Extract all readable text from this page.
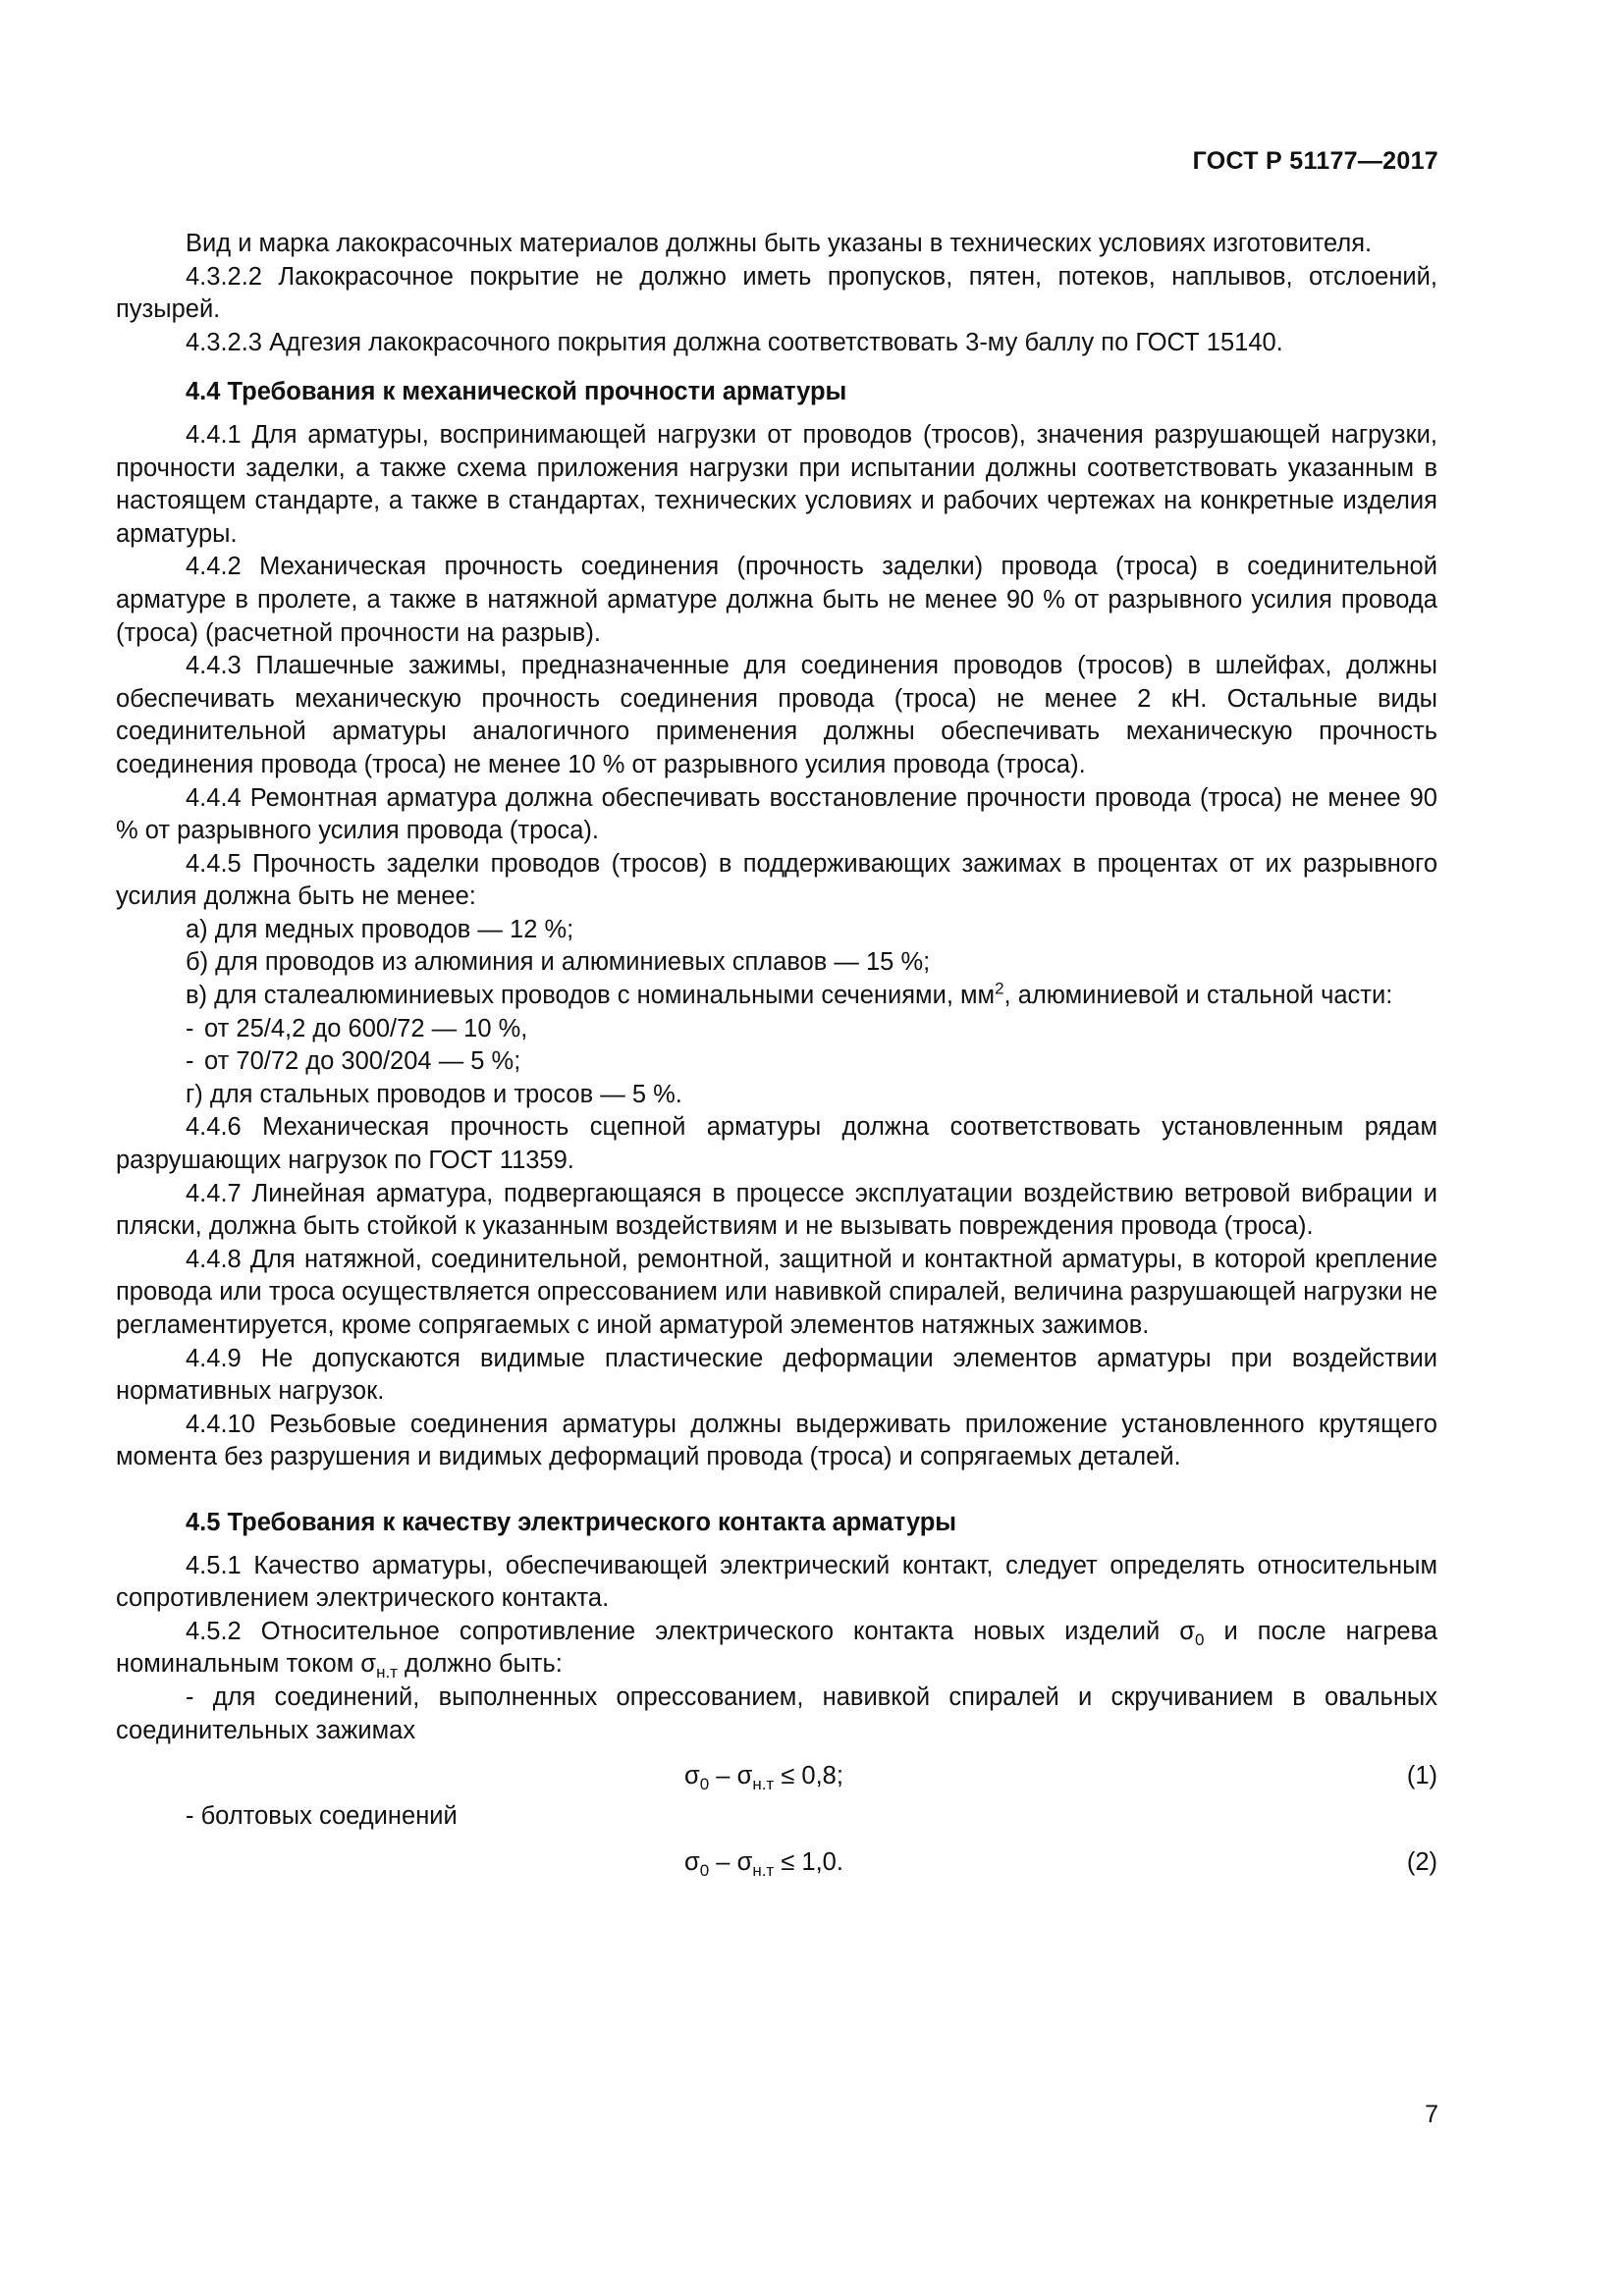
ГОСТ Р 51177—2017

Вид и марка лакокрасочных материалов должны быть указаны в технических условиях изготовителя.

4.3.2.2 Лакокрасочное покрытие не должно иметь пропусков, пятен, потеков, наплывов, отслоений, пузырей.

4.3.2.3 Адгезия лакокрасочного покрытия должна соответствовать 3-му баллу по ГОСТ 15140.

4.4 Требования к механической прочности арматуры

4.4.1 Для арматуры, воспринимающей нагрузки от проводов (тросов), значения разрушающей нагрузки, прочности заделки, а также схема приложения нагрузки при испытании должны соответствовать указанным в настоящем стандарте, а также в стандартах, технических условиях и рабочих чертежах на конкретные изделия арматуры.

4.4.2 Механическая прочность соединения (прочность заделки) провода (троса) в соединительной арматуре в пролете, а также в натяжной арматуре должна быть не менее 90 % от разрывного усилия провода (троса) (расчетной прочности на разрыв).

4.4.3 Плашечные зажимы, предназначенные для соединения проводов (тросов) в шлейфах, должны обеспечивать механическую прочность соединения провода (троса) не менее 2 кН. Остальные виды соединительной арматуры аналогичного применения должны обеспечивать механическую прочность соединения провода (троса) не менее 10 % от разрывного усилия провода (троса).

4.4.4 Ремонтная арматура должна обеспечивать восстановление прочности провода (троса) не менее 90 % от разрывного усилия провода (троса).

4.4.5 Прочность заделки проводов (тросов) в поддерживающих зажимах в процентах от их разрывного усилия должна быть не менее:

а) для медных проводов — 12 %;

б) для проводов из алюминия и алюминиевых сплавов — 15 %;

в) для сталеалюминиевых проводов с номинальными сечениями, $мм^2$, алюминиевой и стальной части:

- от 25/4,2 до 600/72 — 10 %,

- от 70/72 до 300/204 — 5 %;

г) для стальных проводов и тросов — 5 %.

4.4.6 Механическая прочность сцепной арматуры должна соответствовать установленным рядам разрушающих нагрузок по ГОСТ 11359.

4.4.7 Линейная арматура, подвергающаяся в процессе эксплуатации воздействию ветровой вибрации и пляски, должна быть стойкой к указанным воздействиям и не вызывать повреждения провода (троса).

4.4.8 Для натяжной, соединительной, ремонтной, защитной и контактной арматуры, в которой крепление провода или троса осуществляется опрессованием или навивкой спиралей, величина разрушающей нагрузки не регламентируется, кроме сопрягаемых с иной арматурой элементов натяжных зажимов.

4.4.9 Не допускаются видимые пластические деформации элементов арматуры при воздействии нормативных нагрузок.

4.4.10 Резьбовые соединения арматуры должны выдерживать приложение установленного крутящего момента без разрушения и видимых деформаций провода (троса) и сопрягаемых деталей.

4.5 Требования к качеству электрического контакта арматуры

4.5.1 Качество арматуры, обеспечивающей электрический контакт, следует определять относительным сопротивлением электрического контакта.

4.5.2 Относительное сопротивление электрического контакта новых изделий $\sigma_0$ и после нагрева номинальным током $\sigma_{н.т}$ должно быть:

- для соединений, выполненных опрессованием, навивкой спиралей и скручиванием в овальных соединительных зажимах

$\sigma_0 - \sigma_{н.т} \le 0,8$;	(1)

- болтовых соединений

$\sigma_0 - \sigma_{н.т} \le 1,0$.	(2)
7
